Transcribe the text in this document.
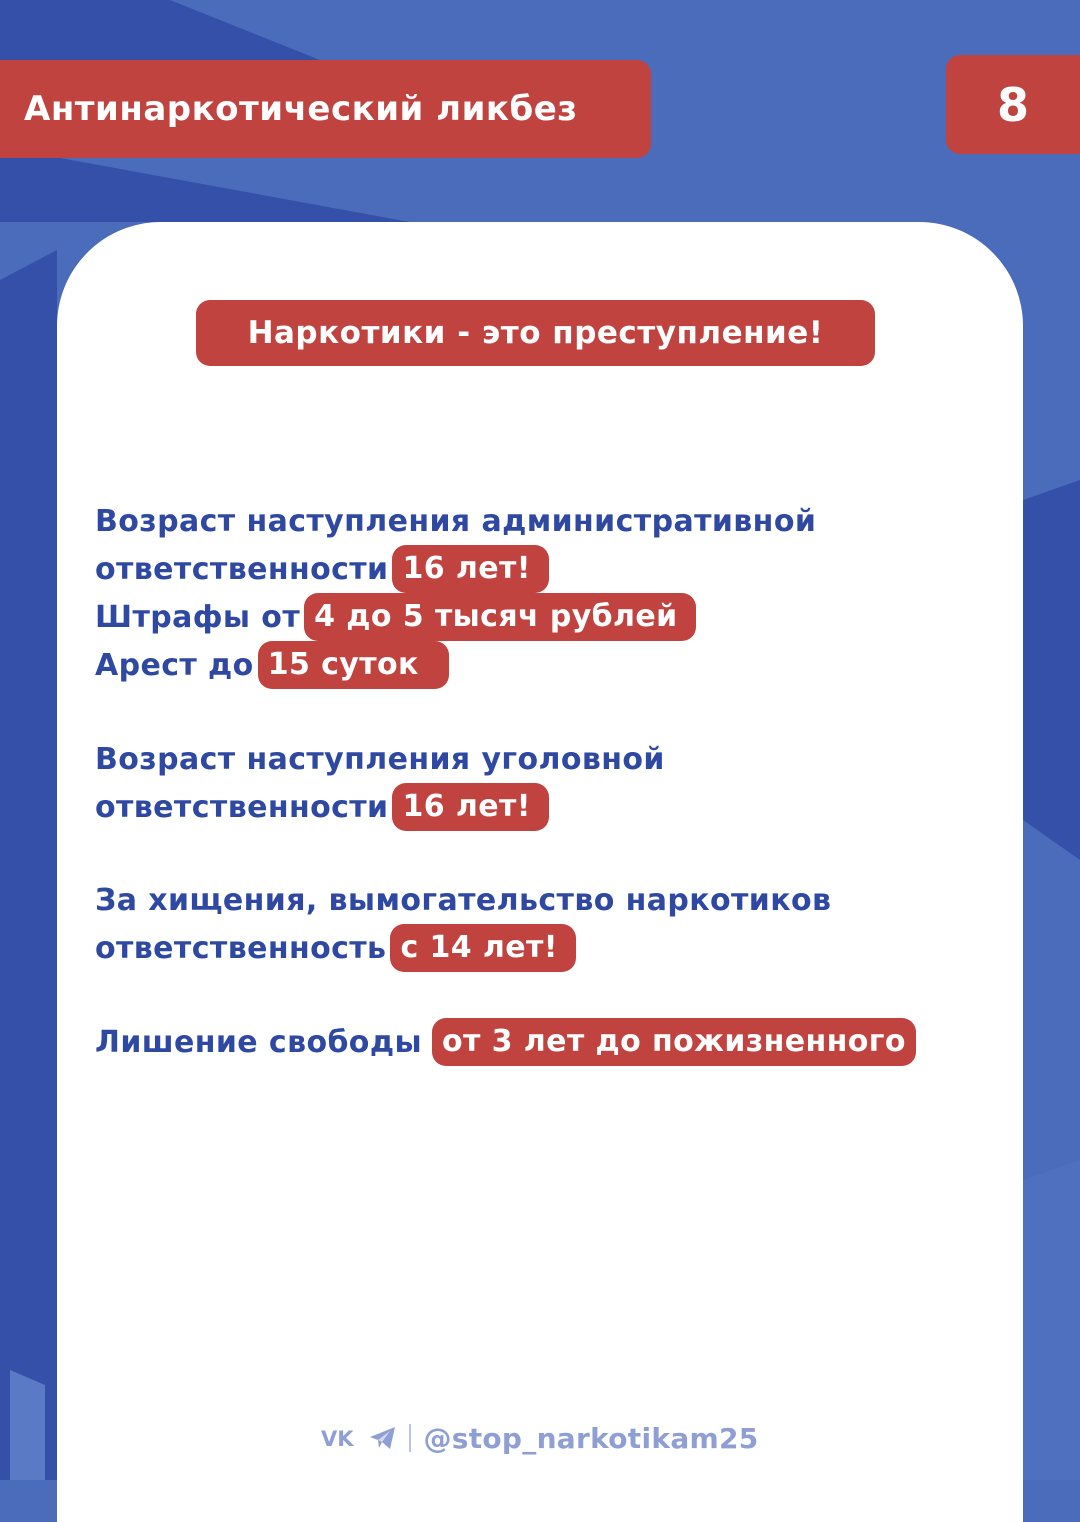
Антинаркотический ликбез	8
Наркотики - это преступление!
Возраст наступления административной
ответственности 16 лет!
Штрафы от 4 до 5 тысяч рублей
Арест до 15 суток
Возраст наступления уголовной
ответственности 16 лет!
За хищения, вымогательство наркотиков
ответственность с 14 лет!
Лишение свободы от 3 лет до пожизненного
VK @stop_narkotikam25
